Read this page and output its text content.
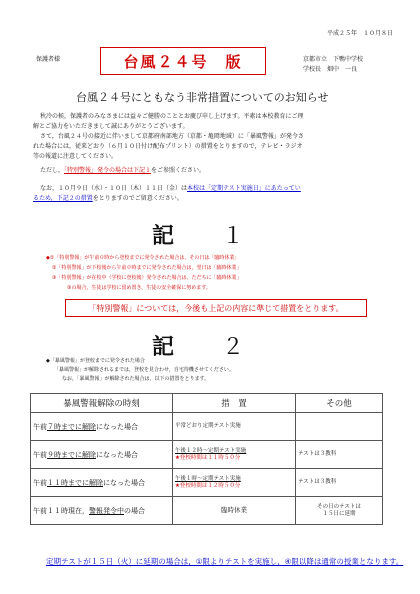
平成２５年　１０月８日
保護者様	台風２４号　版	京都市立　下鴨中学校
学校長　畑中　一良
台風２４号にともなう非常措置についてのお知らせ
秋冷の候，保護者のみなさまには益々ご健勝のこととお慶び申し上げます。平素は本校教育にご理
解とご協力をいただきまして誠にありがとうございます。
さて，台風２４号の接近に伴いまして京都府南部地方（京都・亀岡地域）に「暴風警報」が発令さ
れた場合には，従来どおり（６月１０日付け配布プリント）の措置をとりますので，テレビ・ラジオ
等の報道に注意してください。
ただし，「特別警報」発令の場合は下記１をご参照ください。
なお，１０月９日（水）・１０日（木）１１日（金）は本校は「定期テスト実施日」にあたってい
るため，下記２の措置をとりますのでご留意ください。
記 １
◆①「特別警報」が午前０時から登校までに発令された場合は，その日は「臨時休業」
②「特別警報」が下校後から午前０時までに発令された場合は，翌日は「臨時休業」
③「特別警報」が在校中（学校に登校後）発令された場合は，ただちに「臨時休業」
③の場合，生徒は学校に留め置き，生徒の安全確保に努めます。
「特別警報」については，今後も上記の内容に準じて措置をとります。
記 ２
◆「暴風警報」が登校までに発令された場合
「暴風警報」が解除されるまでは，登校を見合わせ，自宅待機させてください。
なお，「暴風警報」が解除された場合は，以下の措置をとります。
暴風警報解除の時刻	措　置	その他
午前７時までに解除になった場合	平常どおり定期テスト実施	

午前９時までに解除になった場合	午後１２時～定期テスト実施
★登校時間は１１時５０分	テストは３教科

午前１１時までに解除になった場合	午後１時～定期テスト実施
★登校時間は１２時５０分	テストは３教科

午前１１時現在，警報発令中の場合	臨時休業	その日のテストは
１５日に延期
定期テストが１５日（火）に延期の場合は，①限よりテストを実施し，④限以降は通常の授業となります。
